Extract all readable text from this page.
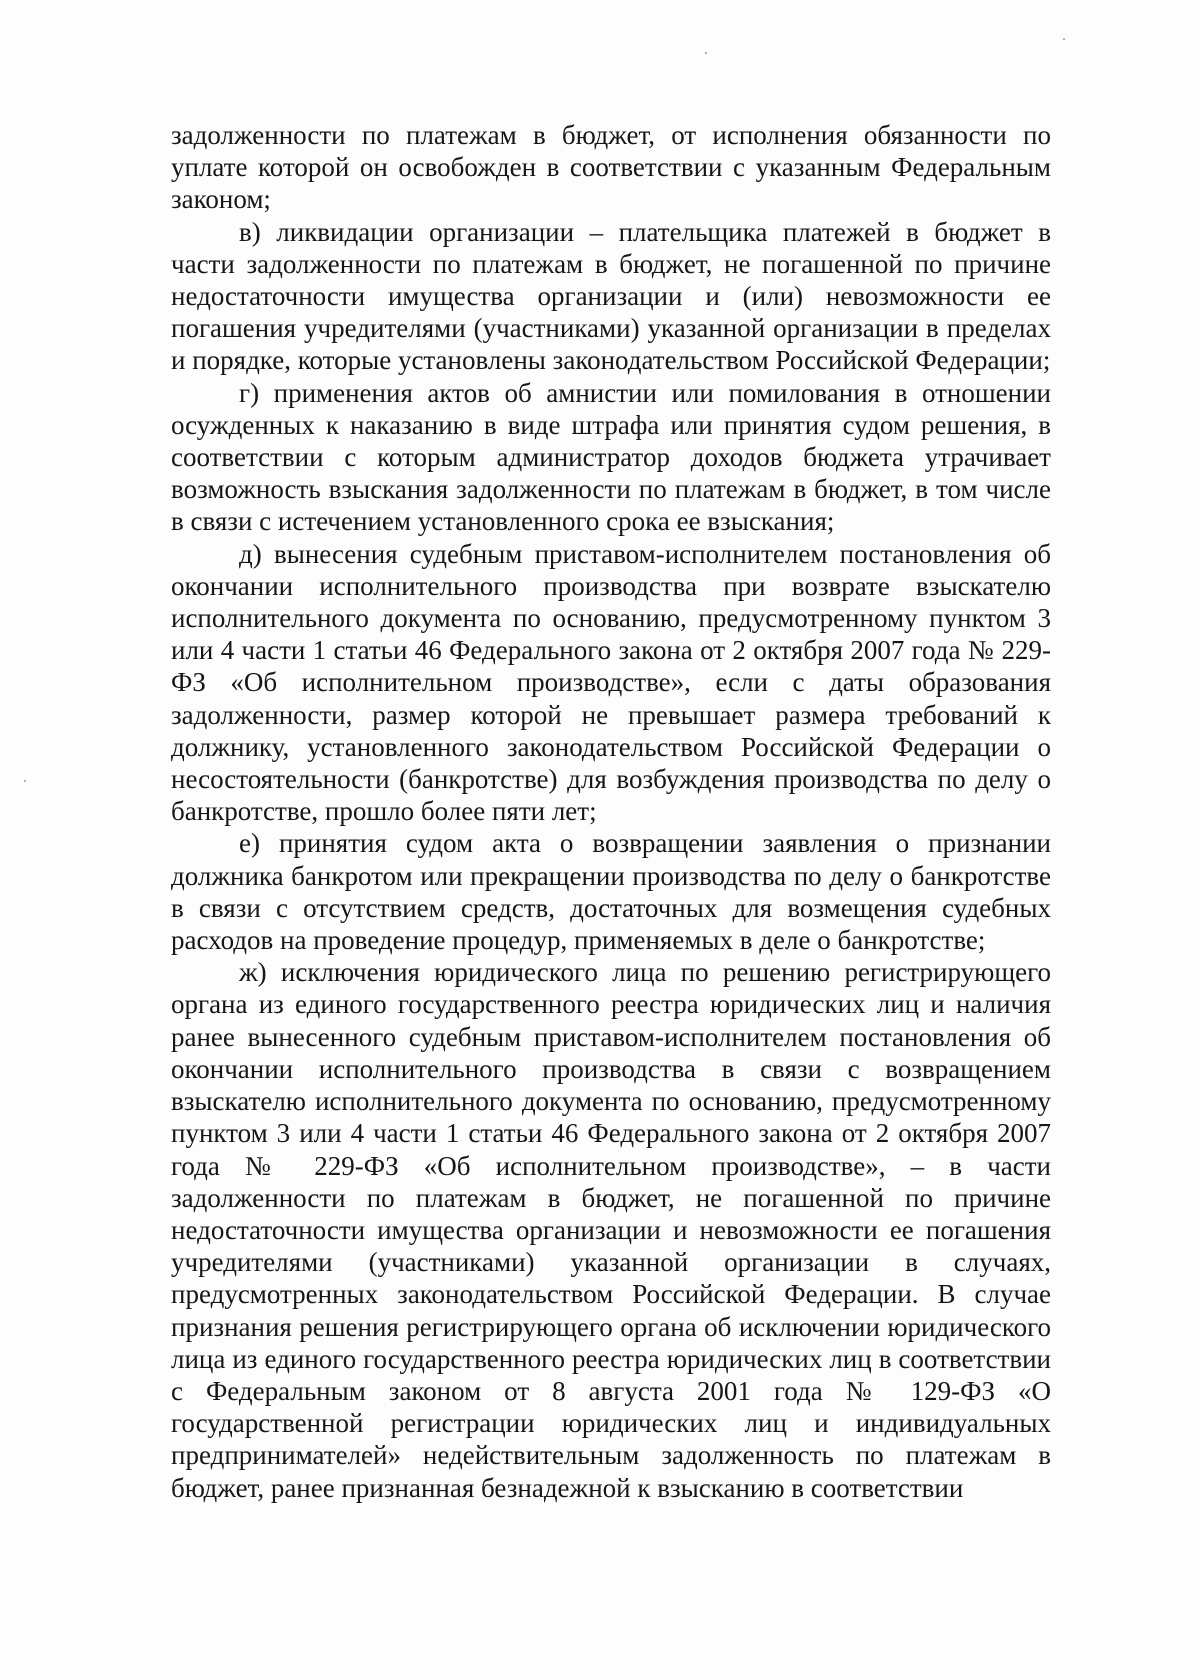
задолженности по платежам в бюджет, от исполнения обязанности по уплате которой он освобожден в соответствии с указанным Федеральным законом;

в) ликвидации организации – плательщика платежей в бюджет в части задолженности по платежам в бюджет, не погашенной по причине недостаточности имущества организации и (или) невозможности ее погашения учредителями (участниками) указанной организации в пределах и порядке, которые установлены законодательством Российской Федерации;

г) применения актов об амнистии или помилования в отношении осужденных к наказанию в виде штрафа или принятия судом решения, в соответствии с которым администратор доходов бюджета утрачивает возможность взыскания задолженности по платежам в бюджет, в том числе в связи с истечением установленного срока ее взыскания;

д) вынесения судебным приставом-исполнителем постановления об окончании исполнительного производства при возврате взыскателю исполнительного документа по основанию, предусмотренному пунктом 3 или 4 части 1 статьи 46 Федерального закона от 2 октября 2007 года № 229-ФЗ «Об исполнительном производстве», если с даты образования задолженности, размер которой не превышает размера требований к должнику, установленного законодательством Российской Федерации о несостоятельности (банкротстве) для возбуждения производства по делу о банкротстве, прошло более пяти лет;

е) принятия судом акта о возвращении заявления о признании должника банкротом или прекращении производства по делу о банкротстве в связи с отсутствием средств, достаточных для возмещения судебных расходов на проведение процедур, применяемых в деле о банкротстве;

ж) исключения юридического лица по решению регистрирующего органа из единого государственного реестра юридических лиц и наличия ранее вынесенного судебным приставом-исполнителем постановления об окончании исполнительного производства в связи с возвращением взыскателю исполнительного документа по основанию, предусмотренному пунктом 3 или 4 части 1 статьи 46 Федерального закона от 2 октября 2007 года № 229-ФЗ «Об исполнительном производстве», – в части задолженности по платежам в бюджет, не погашенной по причине недостаточности имущества организации и невозможности ее погашения учредителями (участниками) указанной организации в случаях, предусмотренных законодательством Российской Федерации. В случае признания решения регистрирующего органа об исключении юридического лица из единого государственного реестра юридических лиц в соответствии с Федеральным законом от 8 августа 2001 года № 129-ФЗ «О государственной регистрации юридических лиц и индивидуальных предпринимателей» недействительным задолженность по платежам в бюджет, ранее признанная безнадежной к взысканию в соответствии
